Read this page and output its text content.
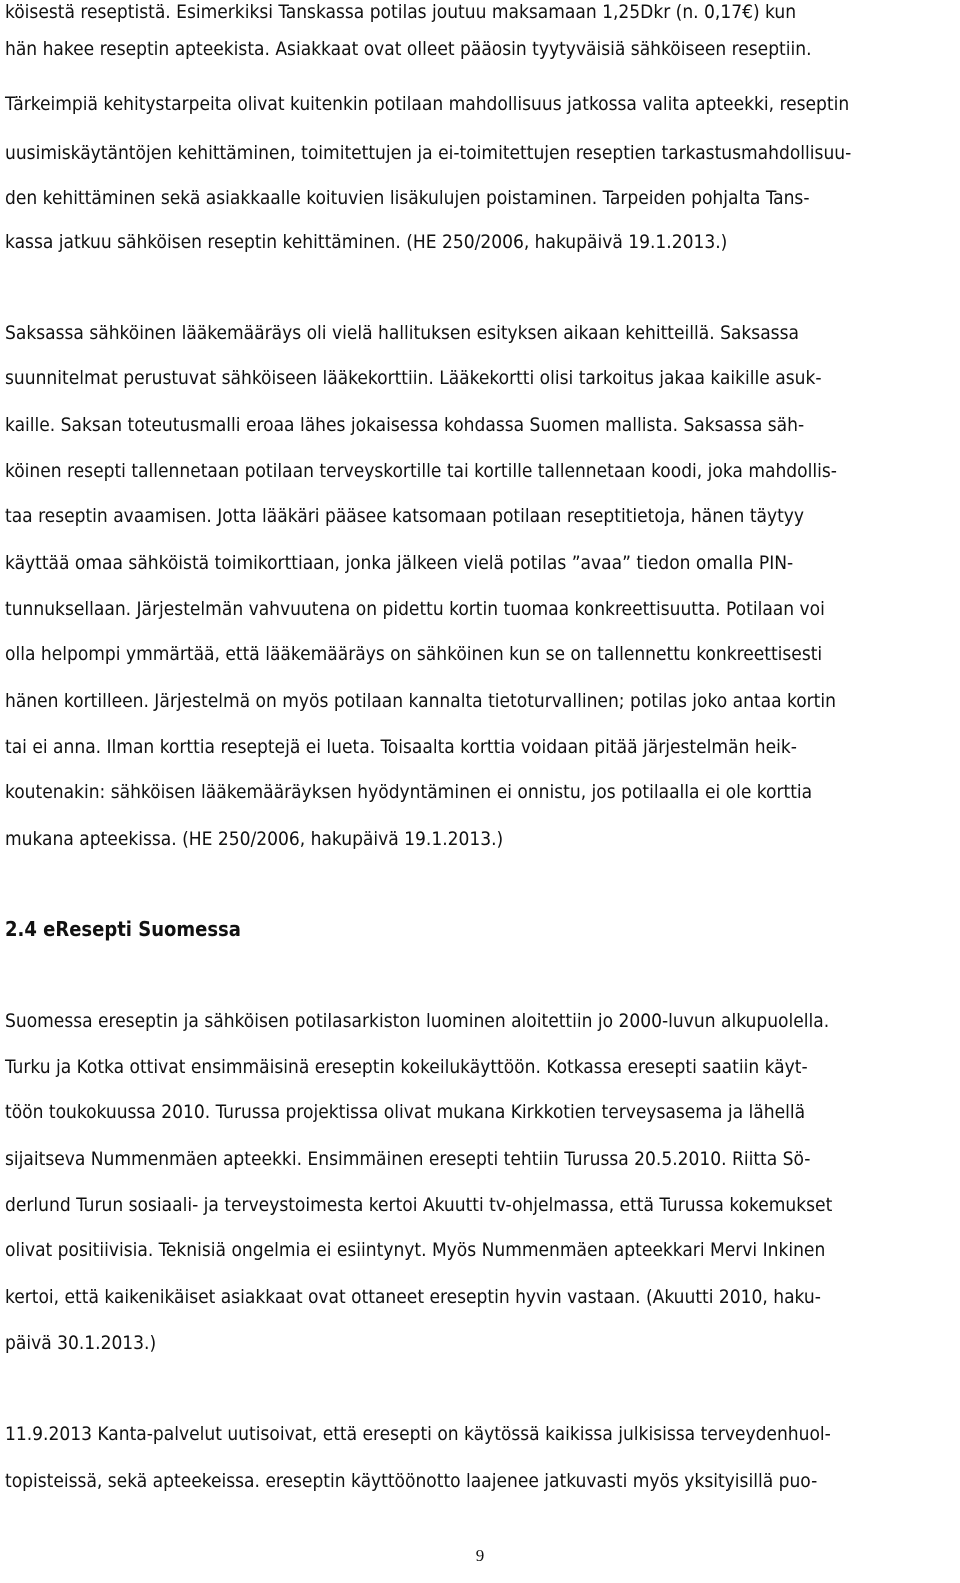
köisestä reseptistä. Esimerkiksi Tanskassa potilas joutuu maksamaan 1,25Dkr (n. 0,17€) kun
hän hakee reseptin apteekista. Asiakkaat ovat olleet pääosin tyytyväisiä sähköiseen reseptiin.
Tärkeimpiä kehitystarpeita olivat kuitenkin potilaan mahdollisuus jatkossa valita apteekki, reseptin
uusimiskäytäntöjen kehittäminen, toimitettujen ja ei-toimitettujen reseptien tarkastusmahdollisuu-
den kehittäminen sekä asiakkaalle koituvien lisäkulujen poistaminen. Tarpeiden pohjalta Tans-
kassa jatkuu sähköisen reseptin kehittäminen. (HE 250/2006, hakupäivä 19.1.2013.)
Saksassa sähköinen lääkemääräys oli vielä hallituksen esityksen aikaan kehitteillä. Saksassa
suunnitelmat perustuvat sähköiseen lääkekorttiin. Lääkekortti olisi tarkoitus jakaa kaikille asuk-
kaille. Saksan toteutusmalli eroaa lähes jokaisessa kohdassa Suomen mallista. Saksassa säh-
köinen resepti tallennetaan potilaan terveyskortille tai kortille tallennetaan koodi, joka mahdollis-
taa reseptin avaamisen. Jotta lääkäri pääsee katsomaan potilaan reseptitietoja, hänen täytyy
käyttää omaa sähköistä toimikorttiaan, jonka jälkeen vielä potilas ”avaa” tiedon omalla PIN-
tunnuksellaan. Järjestelmän vahvuutena on pidettu kortin tuomaa konkreettisuutta. Potilaan voi
olla helpompi ymmärtää, että lääkemääräys on sähköinen kun se on tallennettu konkreettisesti
hänen kortilleen. Järjestelmä on myös potilaan kannalta tietoturvallinen; potilas joko antaa kortin
tai ei anna. Ilman korttia reseptejä ei lueta. Toisaalta korttia voidaan pitää järjestelmän heik-
koutenakin: sähköisen lääkemääräyksen hyödyntäminen ei onnistu, jos potilaalla ei ole korttia
mukana apteekissa. (HE 250/2006, hakupäivä 19.1.2013.)
2.4 eResepti Suomessa
Suomessa ereseptin ja sähköisen potilasarkiston luominen aloitettiin jo 2000-luvun alkupuolella.
Turku ja Kotka ottivat ensimmäisinä ereseptin kokeilukäyttöön. Kotkassa eresepti saatiin käyt-
töön toukokuussa 2010. Turussa projektissa olivat mukana Kirkkotien terveysasema ja lähellä
sijaitseva Nummenmäen apteekki. Ensimmäinen eresepti tehtiin Turussa 20.5.2010. Riitta Sö-
derlund Turun sosiaali- ja terveystoimesta kertoi Akuutti tv-ohjelmassa, että Turussa kokemukset
olivat positiivisia. Teknisiä ongelmia ei esiintynyt. Myös Nummenmäen apteekkari Mervi Inkinen
kertoi, että kaikenikäiset asiakkaat ovat ottaneet ereseptin hyvin vastaan. (Akuutti 2010, haku-
päivä 30.1.2013.)
11.9.2013 Kanta-palvelut uutisoivat, että eresepti on käytössä kaikissa julkisissa terveydenhuol-
topisteissä, sekä apteekeissa. ereseptin käyttöönotto laajenee jatkuvasti myös yksityisillä puo-
9
